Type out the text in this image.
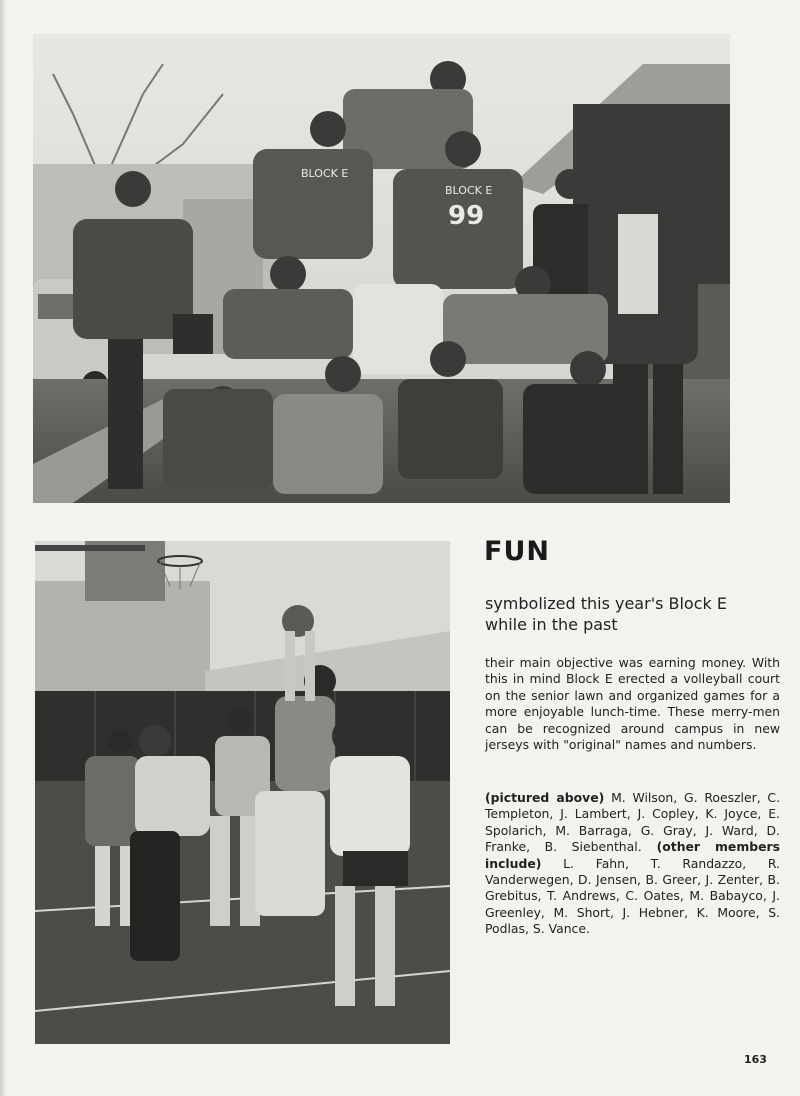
BLOCK E
BLOCK E
99
FUN
symbolized this year's Block E while in the past

their main objective was earning money. With this in mind Block E erected a volleyball court on the senior lawn and organized games for a more enjoyable lunch-time. These merry-men can be recognized around campus in new jerseys with "original" names and numbers.

(pictured above) M. Wilson, G. Roeszler, C. Templeton, J. Lambert, J. Copley, K. Joyce, E. Spolarich, M. Barraga, G. Gray, J. Ward, D. Franke, B. Siebenthal. (other members include) L. Fahn, T. Randazzo, R. Vanderwegen, D. Jensen, B. Greer, J. Zenter, B. Grebitus, T. Andrews, C. Oates, M. Babayco, J. Greenley, M. Short, J. Hebner, K. Moore, S. Podlas, S. Vance.

163
